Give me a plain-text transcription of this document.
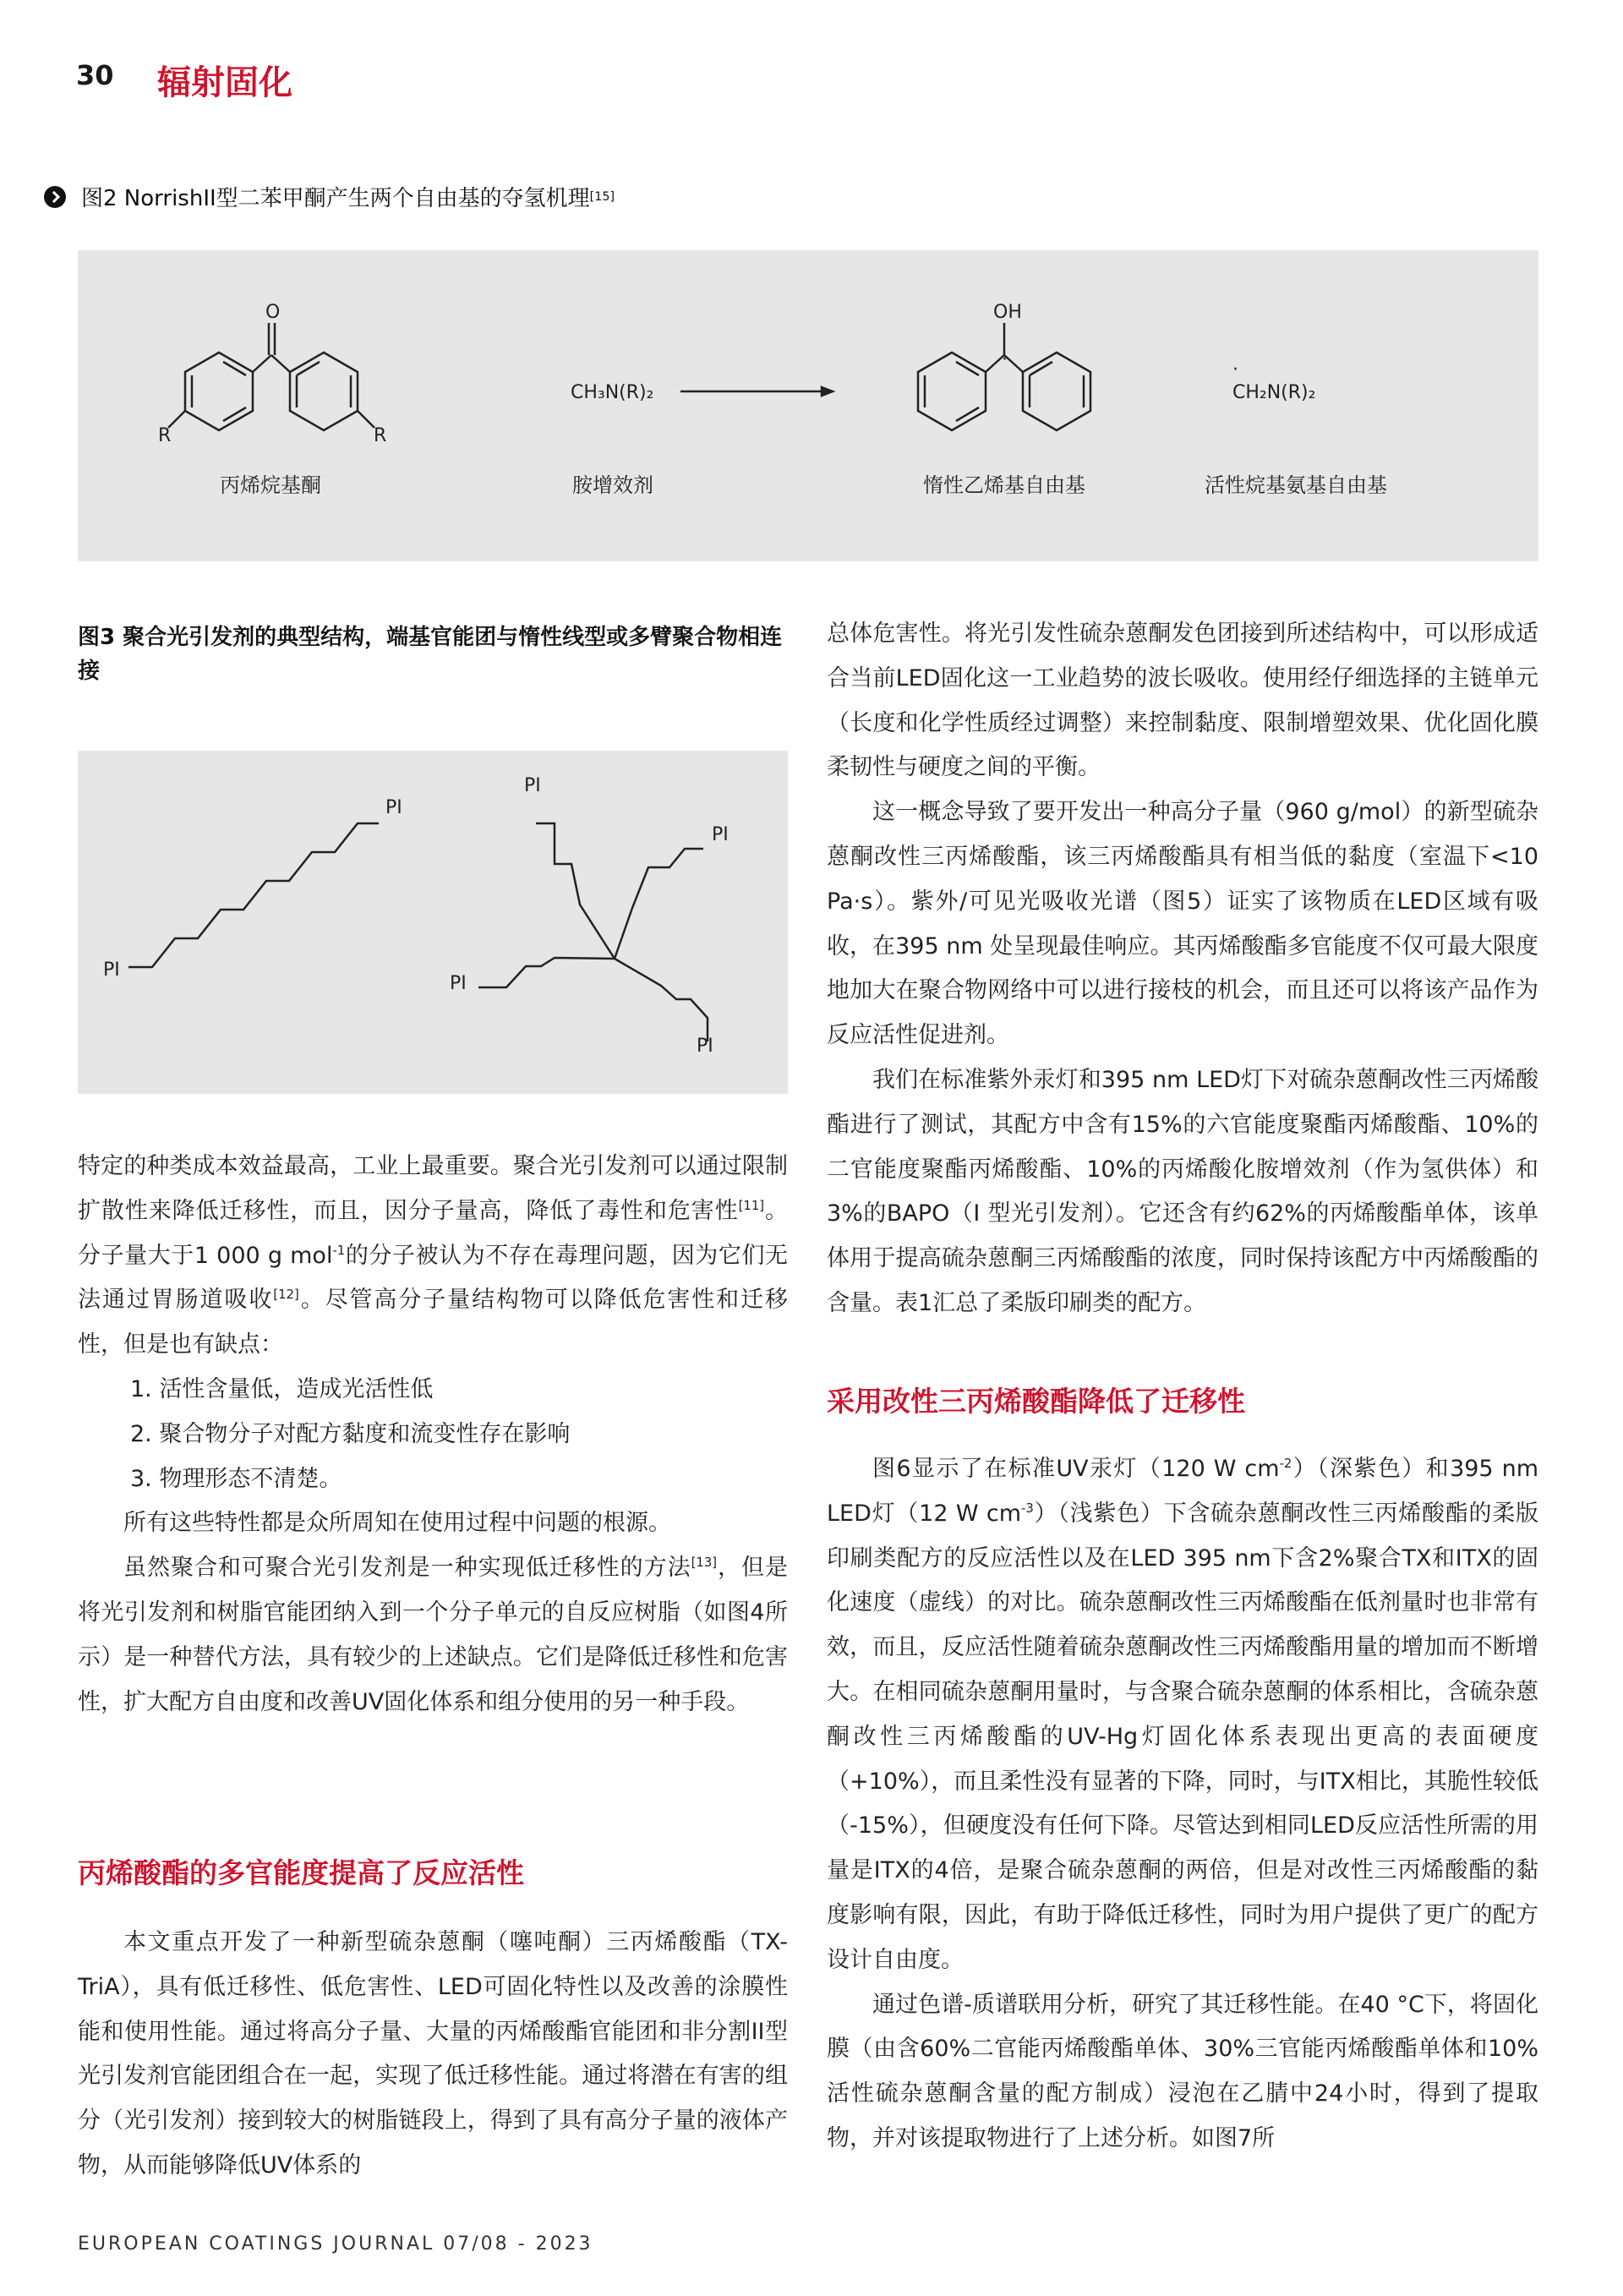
30 辐射固化
图2 NorrishII型二苯甲酮产生两个自由基的夺氢机理 [15]
O	OH
·
R	R
CH₃N(R)₂
·
CH₂N(R)₂
丙烯烷基酮	胺增效剂	惰性乙烯基自由基	活性烷基氨基自由基
图3 聚合光引发剂的典型结构，端基官能团与惰性线型或多臂聚合物相连接
PI
PI
PI
PI
PI
PI

特定的种类成本效益最高，工业上最重要。聚合光引发剂可以通过限制扩散性来降低迁移性，而且，因分子量高，降低了毒性和危害性[11]。分子量大于1 000 g mol$^{-1}$的分子被认为不存在毒理问题，因为它们无法通过胃肠道吸收[12]。尽管高分子量结构物可以降低危害性和迁移性，但是也有缺点：

1. 活性含量低，造成光活性低

2. 聚合物分子对配方黏度和流变性存在影响

3. 物理形态不清楚。

所有这些特性都是众所周知在使用过程中问题的根源。

虽然聚合和可聚合光引发剂是一种实现低迁移性的方法[13]，但是将光引发剂和树脂官能团纳入到一个分子单元的自反应树脂（如图4所示）是一种替代方法，具有较少的上述缺点。它们是降低迁移性和危害性，扩大配方自由度和改善UV固化体系和组分使用的另一种手段。

丙烯酸酯的多官能度提高了反应活性

本文重点开发了一种新型硫杂蒽酮（噻吨酮）三丙烯酸酯（TX-TriA），具有低迁移性、低危害性、LED可固化特性以及改善的涂膜性能和使用性能。通过将高分子量、大量的丙烯酸酯官能团和非分割II型光引发剂官能团组合在一起，实现了低迁移性能。通过将潜在有害的组分（光引发剂）接到较大的树脂链段上，得到了具有高分子量的液体产物，从而能够降低UV体系的

总体危害性。将光引发性硫杂蒽酮发色团接到所述结构中，可以形成适合当前LED固化这一工业趋势的波长吸收。使用经仔细选择的主链单元（长度和化学性质经过调整）来控制黏度、限制增塑效果、优化固化膜柔韧性与硬度之间的平衡。

这一概念导致了要开发出一种高分子量（960 g/mol）的新型硫杂蒽酮改性三丙烯酸酯，该三丙烯酸酯具有相当低的黏度（室温下<10 Pa·s）。紫外/可见光吸收光谱（图5）证实了该物质在LED区域有吸收，在395 nm 处呈现最佳响应。其丙烯酸酯多官能度不仅可最大限度地加大在聚合物网络中可以进行接枝的机会，而且还可以将该产品作为反应活性促进剂。

我们在标准紫外汞灯和395 nm LED灯下对硫杂蒽酮改性三丙烯酸酯进行了测试，其配方中含有15%的六官能度聚酯丙烯酸酯、10%的二官能度聚酯丙烯酸酯、10%的丙烯酸化胺增效剂（作为氢供体）和3%的BAPO（I 型光引发剂）。它还含有约62%的丙烯酸酯单体，该单体用于提高硫杂蒽酮三丙烯酸酯的浓度，同时保持该配方中丙烯酸酯的含量。表1汇总了柔版印刷类的配方。

采用改性三丙烯酸酯降低了迁移性

图6显示了在标准UV汞灯（120 W $cm^{-2}$）（深紫色）和395 nm LED灯（12 W $cm^{-3}$）（浅紫色）下含硫杂蒽酮改性三丙烯酸酯的柔版印刷类配方的反应活性以及在LED 395 nm下含2%聚合TX和ITX的固化速度（虚线）的对比。硫杂蒽酮改性三丙烯酸酯在低剂量时也非常有效，而且，反应活性随着硫杂蒽酮改性三丙烯酸酯用量的增加而不断增大。在相同硫杂蒽酮用量时，与含聚合硫杂蒽酮的体系相比，含硫杂蒽酮改性三丙烯酸酯的UV-Hg灯固化体系表现出更高的表面硬度（+10%），而且柔性没有显著的下降，同时，与ITX相比，其脆性较低（-15%），但硬度没有任何下降。尽管达到相同LED反应活性所需的用量是ITX的4倍，是聚合硫杂蒽酮的两倍，但是对改性三丙烯酸酯的黏度影响有限，因此，有助于降低迁移性，同时为用户提供了更广的配方设计自由度。

通过色谱-质谱联用分析，研究了其迁移性能。在40 °C下，将固化膜（由含60%二官能丙烯酸酯单体、30%三官能丙烯酸酯单体和10%活性硫杂蒽酮含量的配方制成）浸泡在乙腈中24小时，得到了提取物，并对该提取物进行了上述分析。如图7所

EUROPEAN COATINGS JOURNAL 07/08 - 2023
